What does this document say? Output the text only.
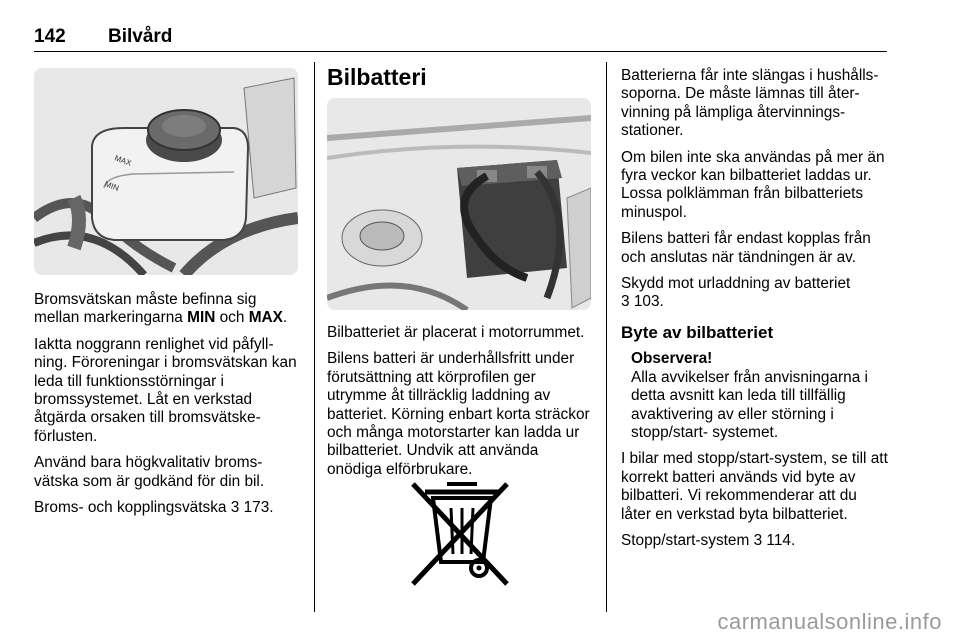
142 Bilvård
MAX
MIN

Bromsvätskan måste befinna sig mellan markeringarna MIN och MAX.

Iaktta noggrann renlighet vid påfyllning. Föroreningar i bromsvätskan kan leda till funktionsstörningar i bromssystemet. Låt en verkstad åtgärda orsaken till bromsvätskeförlusten.

Använd bara högkvalitativ bromsvätska som är godkänd för din bil.

Broms- och kopplingsvätska 3 173.

Bilbatteri

Bilbatteriet är placerat i motorrummet.

Bilens batteri är underhållsfritt under förutsättning att körprofilen ger utrymme åt tillräcklig laddning av batteriet. Körning enbart korta sträckor och många motorstarter kan ladda ur bilbatteriet. Undvik att använda onödiga elförbrukare.

Batterierna får inte slängas i hushållssoporna. De måste lämnas till återvinning på lämpliga återvinningsstationer.

Om bilen inte ska användas på mer än fyra veckor kan bilbatteriet laddas ur. Lossa polklämman från bilbatteriets minuspol.

Bilens batteri får endast kopplas från och anslutas när tändningen är av.

Skydd mot urladdning av batteriet
3 103.

Byte av bilbatteriet
Observera!

Alla avvikelser från anvisningarna i detta avsnitt kan leda till tillfällig avaktivering av eller störning i stopp/start- systemet.

I bilar med stopp/start-system, se till att korrekt batteri används vid byte av bilbatteri. Vi rekommenderar att du låter en verkstad byta bilbatteriet.

Stopp/start-system 3 114.

carmanualsonline.info
